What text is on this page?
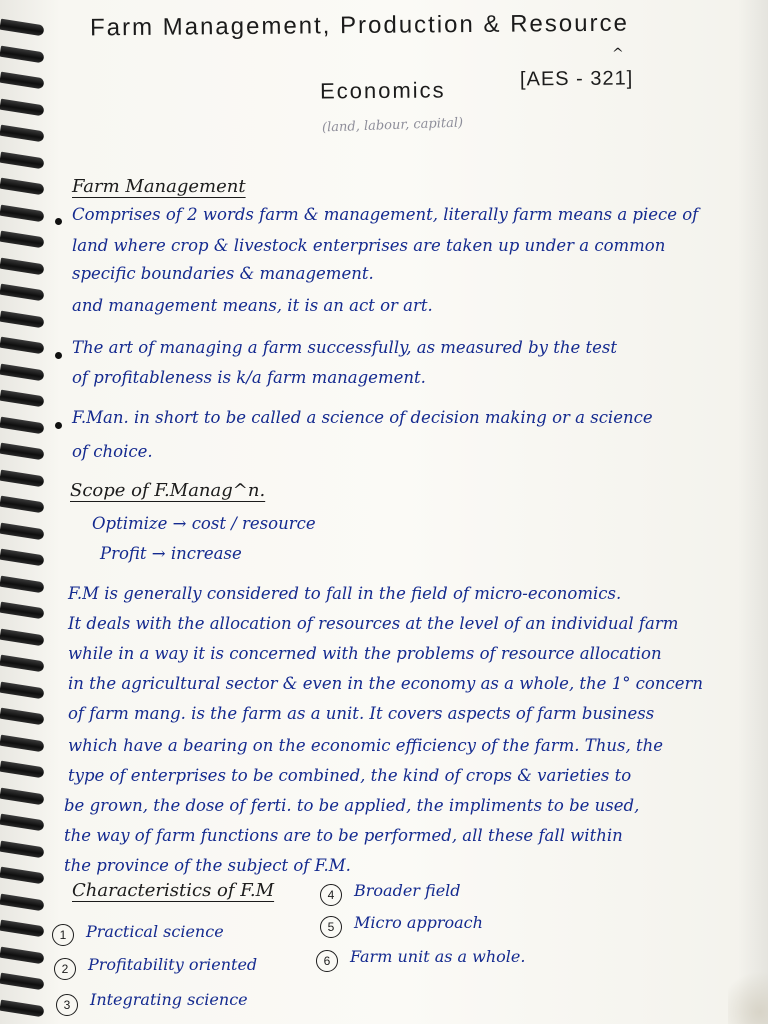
Farm Management, Production & Resource
^
Economics	[AES - 321]
(land, labour, capital)
Farm Management
Comprises of 2 words farm & management, literally farm means a piece of
land where crop & livestock enterprises are taken up under a common
specific boundaries & management.
and management means, it is an act or art.
The art of managing a farm successfully, as measured by the test
of profitableness is k/a farm management.
F.Man. in short to be called a science of decision making or a science
of choice.
Scope of F.Manag^n.
Optimize → cost / resource
Profit → increase
F.M is generally considered to fall in the field of micro-economics.
It deals with the allocation of resources at the level of an individual farm
while in a way it is concerned with the problems of resource allocation
in the agricultural sector & even in the economy as a whole, the 1° concern
of farm mang. is the farm as a unit. It covers aspects of farm business
which have a bearing on the economic efficiency of the farm. Thus, the
type of enterprises to be combined, the kind of crops & varieties to
be grown, the dose of ferti. to be applied, the impliments to be used,
the way of farm functions are to be performed, all these fall within
the province of the subject of F.M.
Characteristics of F.M
1	Practical science
2	Profitability oriented
3	Integrating science
4	Broader field
5	Micro approach
6	Farm unit as a whole.
